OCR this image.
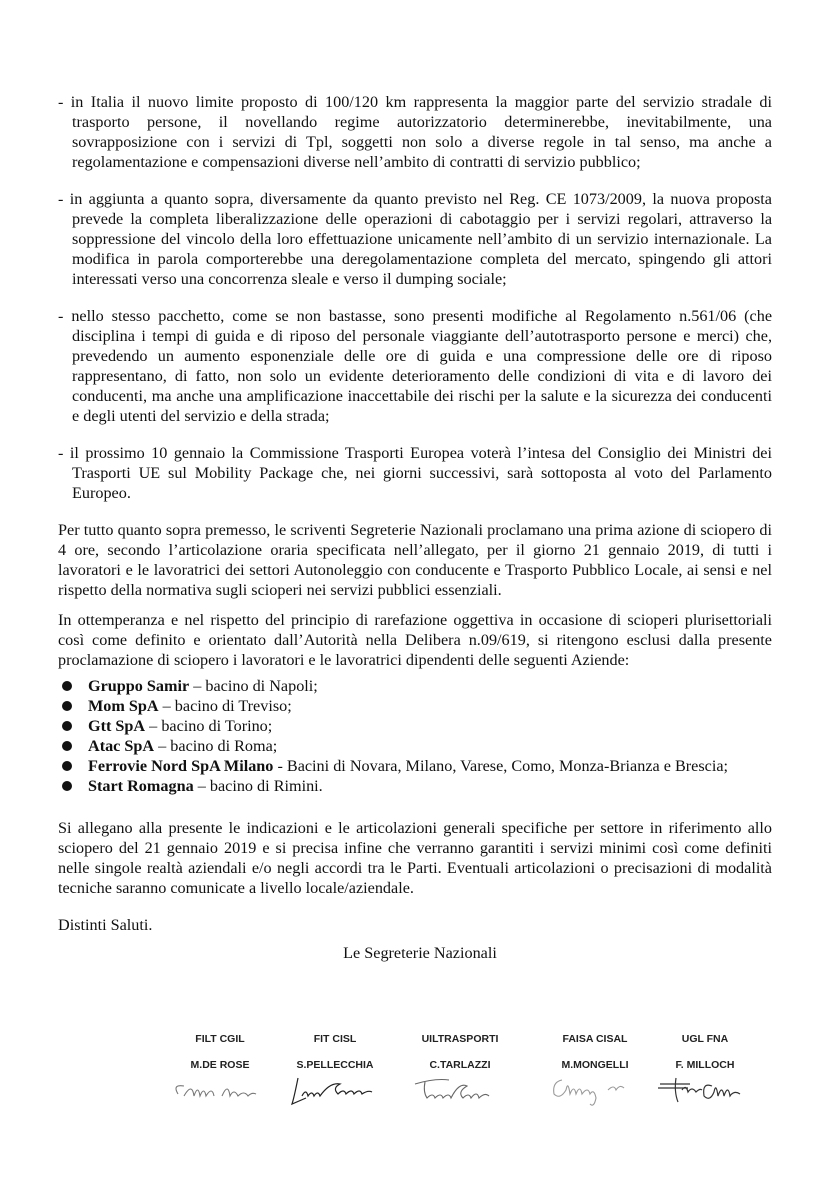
- in Italia il nuovo limite proposto di 100/120 km rappresenta la maggior parte del servizio stradale di trasporto persone, il novellando regime autorizzatorio determinerebbe, inevitabilmente, una sovrapposizione con i servizi di Tpl, soggetti non solo a diverse regole in tal senso, ma anche a regolamentazione e compensazioni diverse nell’ambito di contratti di servizio pubblico;

- in aggiunta a quanto sopra, diversamente da quanto previsto nel Reg. CE 1073/2009, la nuova proposta prevede la completa liberalizzazione delle operazioni di cabotaggio per i servizi regolari, attraverso la soppressione del vincolo della loro effettuazione unicamente nell’ambito di un servizio internazionale. La modifica in parola comporterebbe una deregolamentazione completa del mercato, spingendo gli attori interessati verso una concorrenza sleale e verso il dumping sociale;

- nello stesso pacchetto, come se non bastasse, sono presenti modifiche al Regolamento n.561/06 (che disciplina i tempi di guida e di riposo del personale viaggiante dell’autotrasporto persone e merci) che, prevedendo un aumento esponenziale delle ore di guida e una compressione delle ore di riposo rappresentano, di fatto, non solo un evidente deterioramento delle condizioni di vita e di lavoro dei conducenti, ma anche una amplificazione inaccettabile dei rischi per la salute e la sicurezza dei conducenti e degli utenti del servizio e della strada;

- il prossimo 10 gennaio la Commissione Trasporti Europea voterà l’intesa del Consiglio dei Ministri dei Trasporti UE sul Mobility Package che, nei giorni successivi, sarà sottoposta al voto del Parlamento Europeo.

Per tutto quanto sopra premesso, le scriventi Segreterie Nazionali proclamano una prima azione di sciopero di 4 ore, secondo l’articolazione oraria specificata nell’allegato, per il giorno 21 gennaio 2019, di tutti i lavoratori e le lavoratrici dei settori Autonoleggio con conducente e Trasporto Pubblico Locale, ai sensi e nel rispetto della normativa sugli scioperi nei servizi pubblici essenziali.

In ottemperanza e nel rispetto del principio di rarefazione oggettiva in occasione di scioperi plurisettoriali così come definito e orientato dall’Autorità nella Delibera n.09/619, si ritengono esclusi dalla presente proclamazione di sciopero i lavoratori e le lavoratrici dipendenti delle seguenti Aziende:

Gruppo Samir – bacino di Napoli;
Mom SpA – bacino di Treviso;
Gtt SpA – bacino di Torino;
Atac SpA – bacino di Roma;
Ferrovie Nord SpA Milano - Bacini di Novara, Milano, Varese, Como, Monza-Brianza e Brescia;
Start Romagna – bacino di Rimini.

Si allegano alla presente le indicazioni e le articolazioni generali specifiche per settore in riferimento allo sciopero del 21 gennaio 2019 e si precisa infine che verranno garantiti i servizi minimi così come definiti nelle singole realtà aziendali e/o negli accordi tra le Parti. Eventuali articolazioni o precisazioni di modalità tecniche saranno comunicate a livello locale/aziendale.

Distinti Saluti.

Le Segreterie Nazionali

FILT CGIL
M.DE ROSE
FIT CISL
S.PELLECCHIA
UILTRASPORTI
C.TARLAZZI
FAISA CISAL
M.MONGELLI
UGL FNA
F. MILLOCH
